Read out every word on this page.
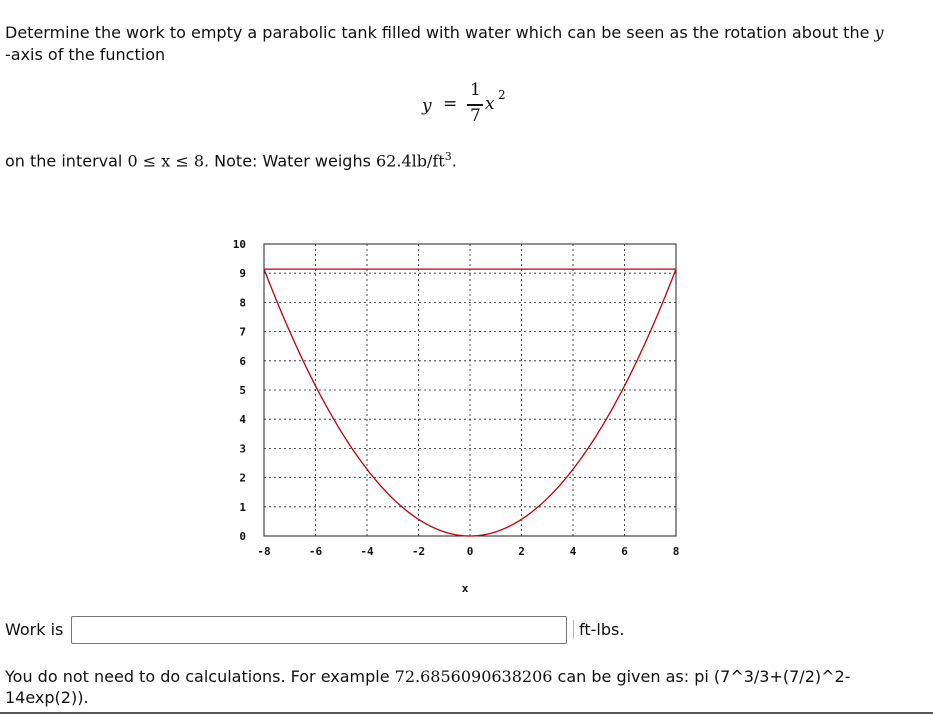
Determine the work to empty a parabolic tank filled with water which can be seen as the rotation about the y
-axis of the function
y =
1
7
x 2
on the interval 0 ≤ x ≤ 8. Note: Water weighs $62.4lb/ft^3$.
-8	-6	-4	-2	0	2	4	6	8
0
1
2
3
4
5
6
7
8
9
10
x
Work is	ft-lbs.
You do not need to do calculations. For example 72.6856090638206 can be given as: pi (7^3/3+(7/2)^2-14exp(2)).
